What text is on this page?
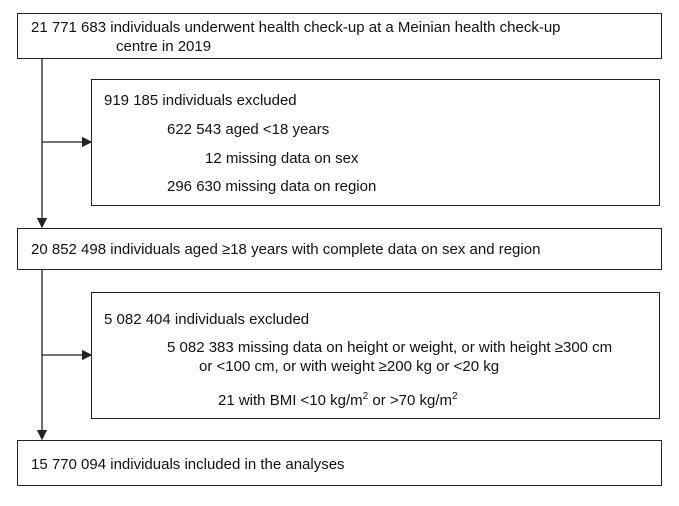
21 771 683 individuals underwent health check-up at a Meinian health check-up
centre in 2019
919 185 individuals excluded
622 543 aged <18 years
12 missing data on sex
296 630 missing data on region
20 852 498 individuals aged ≥18 years with complete data on sex and region
5 082 404 individuals excluded
5 082 383 missing data on height or weight, or with height ≥300 cm
or <100 cm, or with weight ≥200 kg or <20 kg
21 with BMI <10 $kg/m^2$ or >70 $kg/m^2$
15 770 094 individuals included in the analyses
